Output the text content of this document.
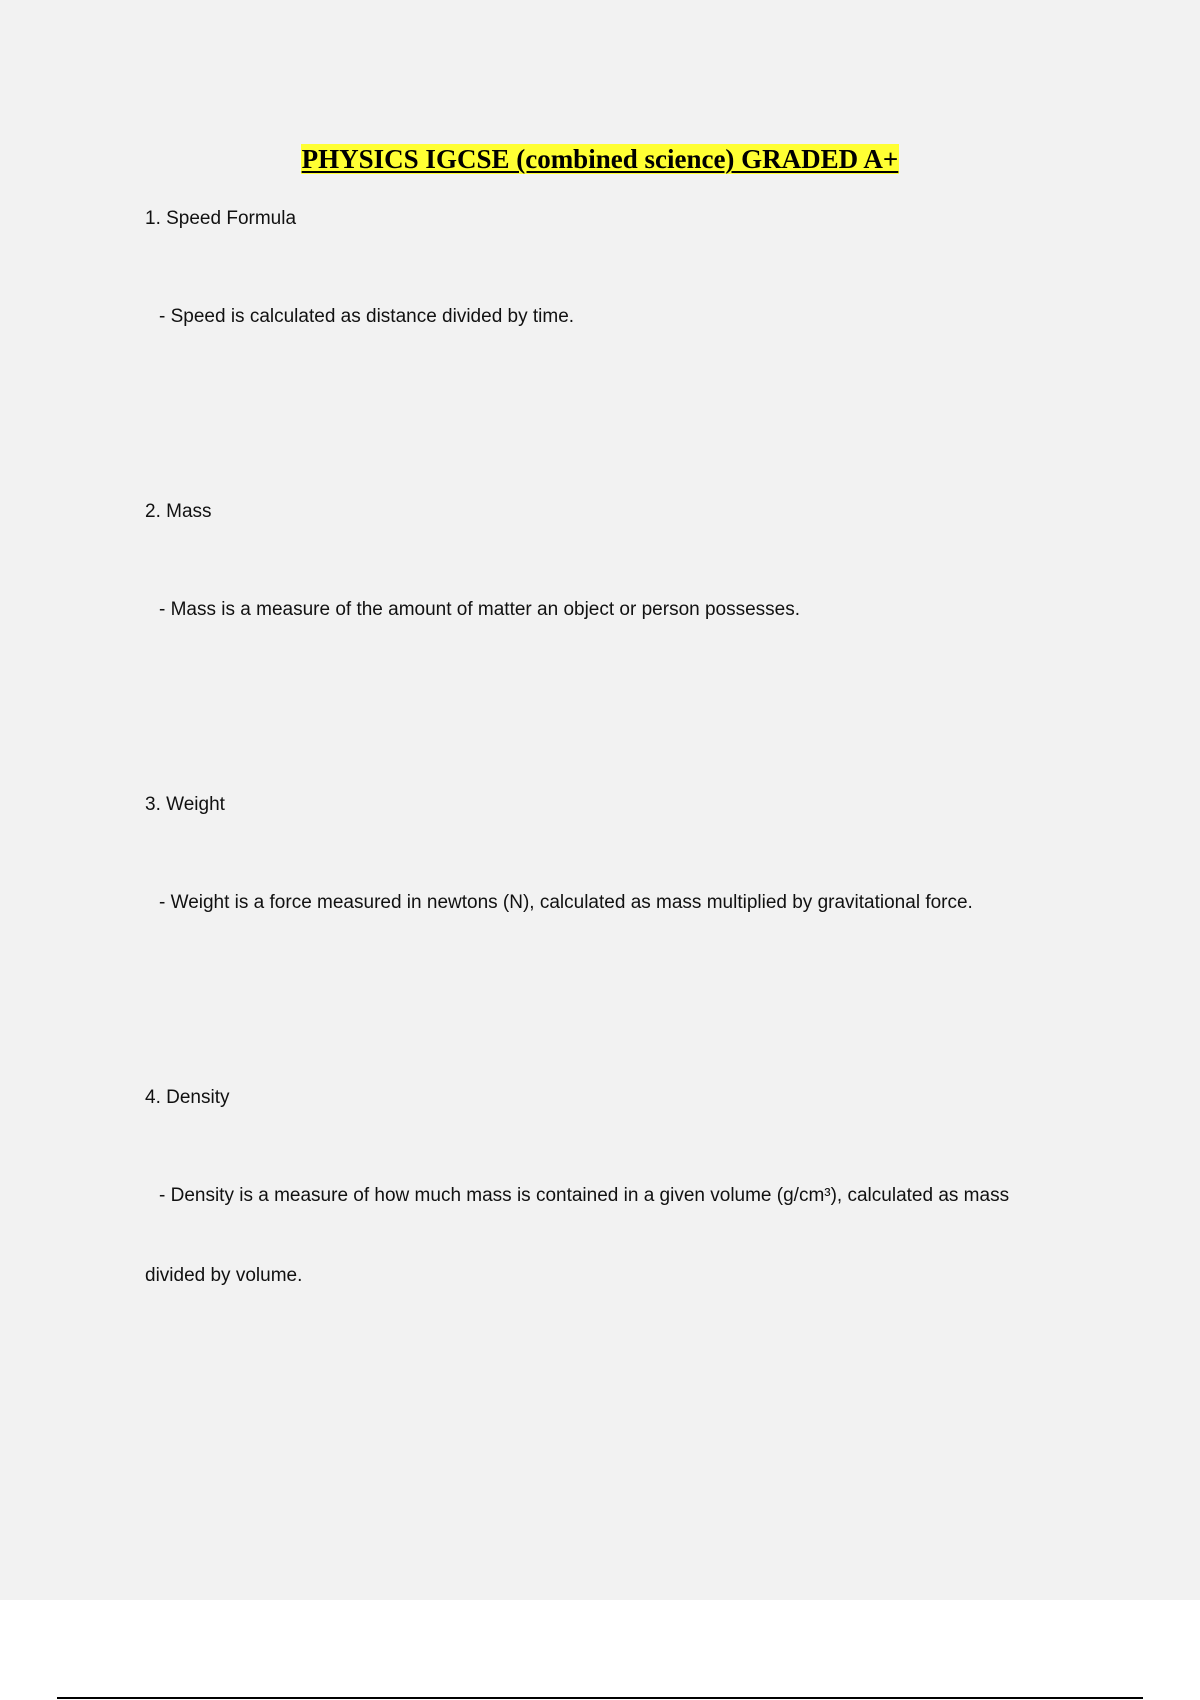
PHYSICS IGCSE (combined science) GRADED A+
1. Speed Formula
- Speed is calculated as distance divided by time.
2. Mass
- Mass is a measure of the amount of matter an object or person possesses.
3. Weight
- Weight is a force measured in newtons (N), calculated as mass multiplied by gravitational force.
4. Density
- Density is a measure of how much mass is contained in a given volume (g/cm³), calculated as mass
divided by volume.
